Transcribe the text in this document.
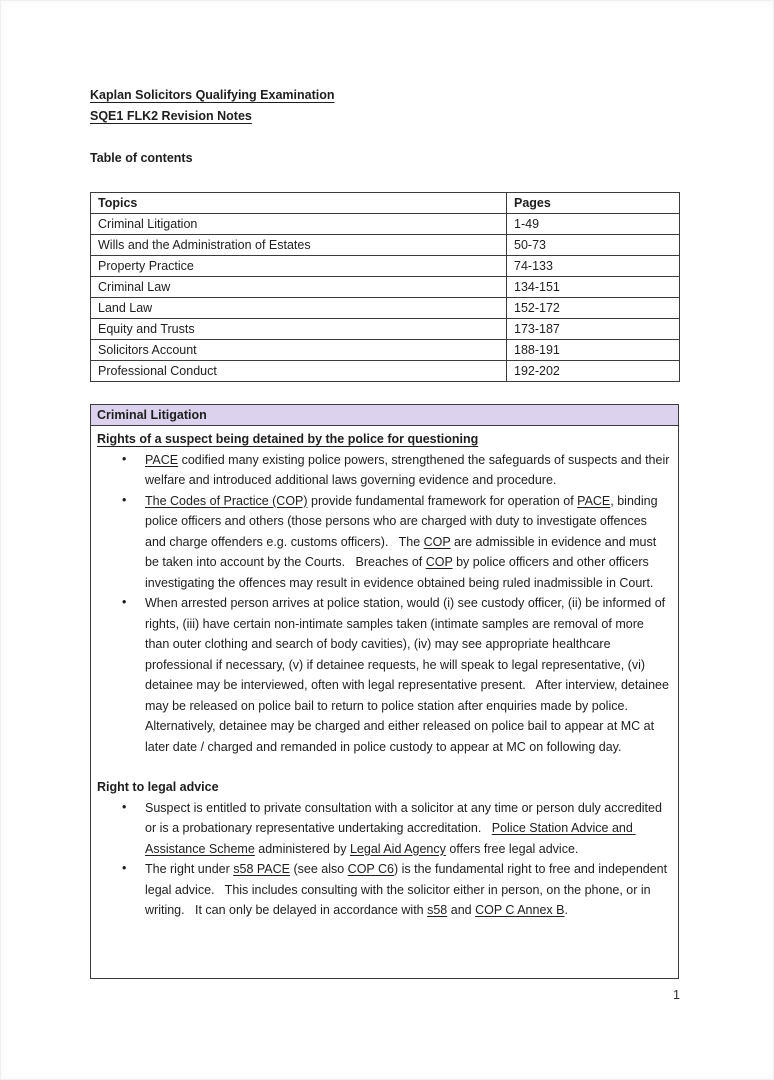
Kaplan Solicitors Qualifying Examination
SQE1 FLK2 Revision Notes
Table of contents
Topics	Pages
Criminal Litigation	1-49
Wills and the Administration of Estates	50-73
Property Practice	74-133
Criminal Law	134-151
Land Law	152-172
Equity and Trusts	173-187
Solicitors Account	188-191
Professional Conduct	192-202
Criminal Litigation
Rights of a suspect being detained by the police for questioning
• PACE codified many existing police powers, strengthened the safeguards of suspects and their welfare and introduced additional laws governing evidence and procedure.
• The Codes of Practice (COP) provide fundamental framework for operation of PACE, binding police officers and others (those persons who are charged with duty to investigate offences and charge offenders e.g. customs officers).   The COP are admissible in evidence and must be taken into account by the Courts.   Breaches of COP by police officers and other officers investigating the offences may result in evidence obtained being ruled inadmissible in Court.
• When arrested person arrives at police station, would (i) see custody officer, (ii) be informed of rights, (iii) have certain non-intimate samples taken (intimate samples are removal of more than outer clothing and search of body cavities), (iv) may see appropriate healthcare professional if necessary, (v) if detainee requests, he will speak to legal representative, (vi) detainee may be interviewed, often with legal representative present.   After interview, detainee may be released on police bail to return to police station after enquiries made by police.   Alternatively, detainee may be charged and either released on police bail to appear at MC at later date / charged and remanded in police custody to appear at MC on following day.
Right to legal advice
• Suspect is entitled to private consultation with a solicitor at any time or person duly accredited or is a probationary representative undertaking accreditation.   Police Station Advice and Assistance Scheme administered by Legal Aid Agency offers free legal advice.
• The right under s58 PACE (see also COP C6) is the fundamental right to free and independent legal advice.   This includes consulting with the solicitor either in person, on the phone, or in writing.   It can only be delayed in accordance with s58 and COP C Annex B.
1
